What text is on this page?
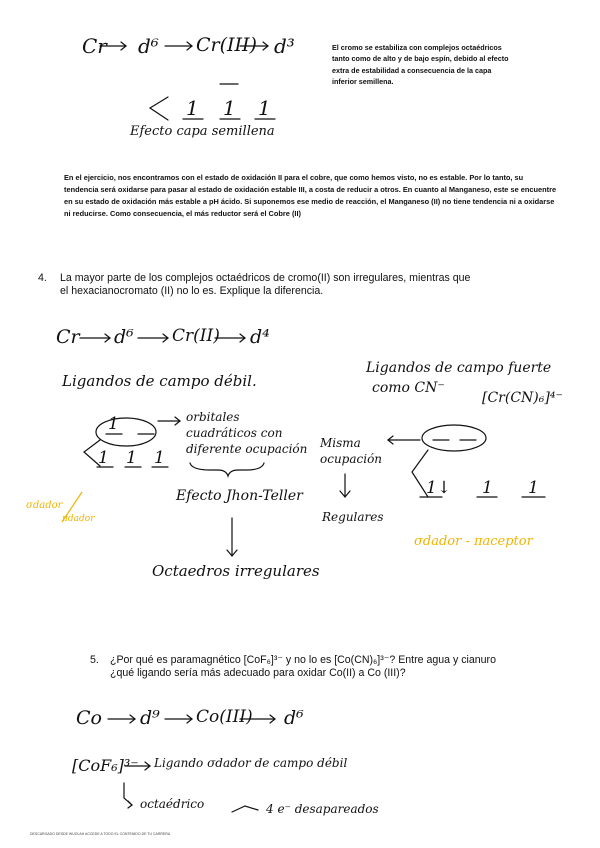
Cr d⁶ Cr(III) d³
1 1 1
Efecto capa semillena
El cromo se estabiliza con complejos octaédricos tanto como de alto y de bajo espín, debido al efecto extra de estabilidad a consecuencia de la capa inferior semillena.
En el ejercicio, nos encontramos con el estado de oxidación II para el cobre, que como hemos visto, no es estable. Por lo tanto, su tendencia será oxidarse para pasar al estado de oxidación estable III, a costa de reducir a otros. En cuanto al Manganeso, este se encuentre en su estado de oxidación más estable a pH ácido. Si suponemos ese medio de reacción, el Manganeso (II) no tiene tendencia ni a oxidarse ni reducirse. Como consecuencia, el más reductor será el Cobre (II)
4. La mayor parte de los complejos octaédricos de cromo(II) son irregulares, mientras que el hexacianocromato (II) no lo es. Explique la diferencia.
Cr d⁶ Cr(II) d⁴
Ligandos de campo débil.
1
1 1 1
orbitales
cuadráticos con
diferente ocupación
σdador
πdador
Efecto Jhon-Teller
Octaedros irregulares
Ligandos de campo fuerte
como CN⁻
[Cr(CN)₆]⁴⁻
Misma
ocupación
Regulares
1↓ 1 1
σdador - πaceptor
5. ¿Por qué es paramagnético [CoF₆]³⁻ y no lo es [Co(CN)₆]³⁻? Entre agua y cianuro
¿qué ligando sería más adecuado para oxidar Co(II) a Co (III)?
Co d⁹ Co(III) d⁶
[CoF₆]³⁻ Ligando σdador de campo débil
octaédrico	4 e⁻ desapareados
DESCARGADO DESDE WUOLAH ACCEDE A TODO EL CONTENIDO DE TU CARRERA
